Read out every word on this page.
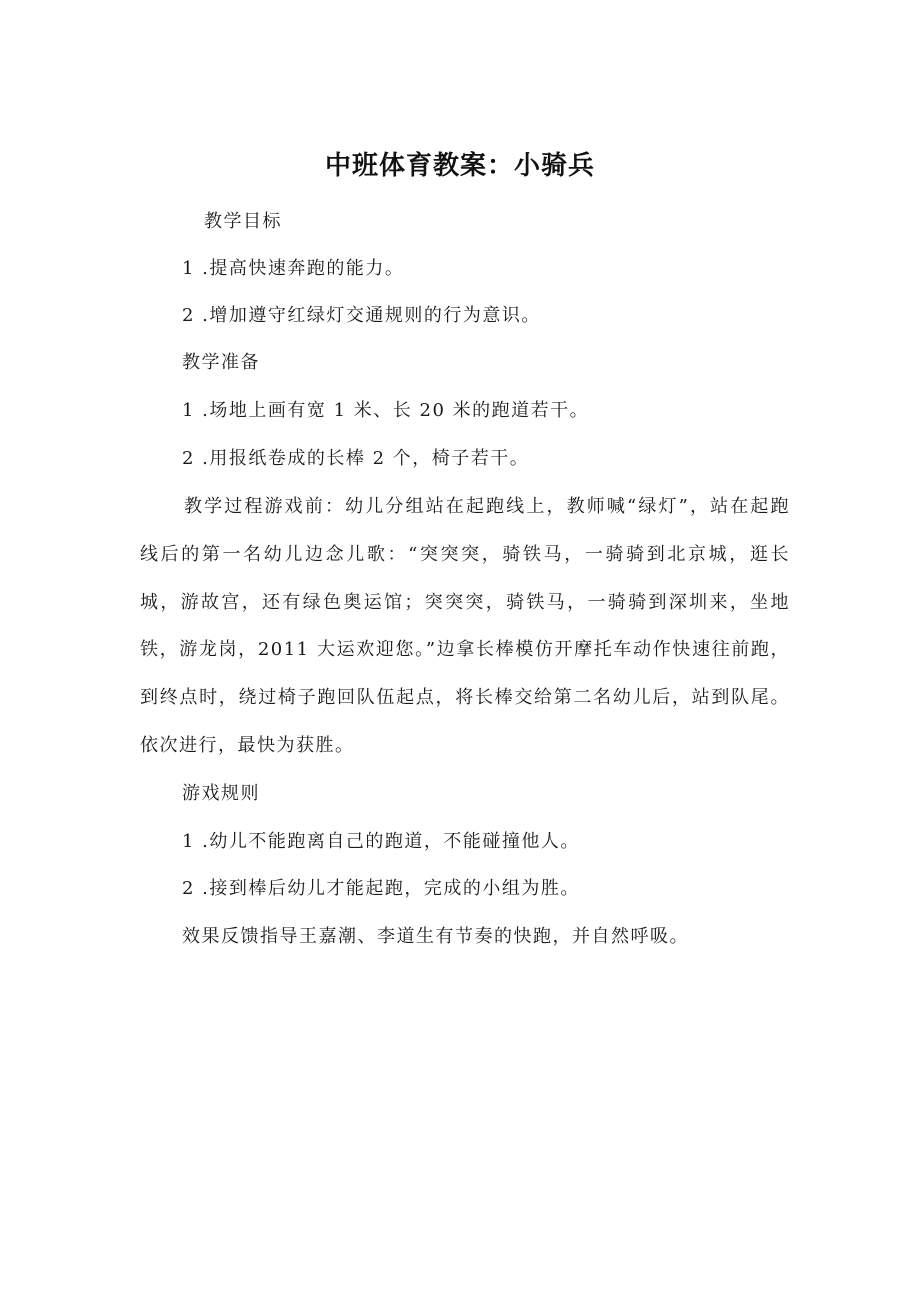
中班体育教案：小骑兵
教学目标
1 .提高快速奔跑的能力。
2 .增加遵守红绿灯交通规则的行为意识。
教学准备
1 .场地上画有宽 1 米、长 20 米的跑道若干。
2 .用报纸卷成的长棒 2 个，椅子若干。
教学过程游戏前：幼儿分组站在起跑线上，教师喊“绿灯”，站在起跑线后的第一名幼儿边念儿歌：“突突突，骑铁马，一骑骑到北京城，逛长城，游故宫，还有绿色奥运馆；突突突，骑铁马，一骑骑到深圳来，坐地铁，游龙岗，2011 大运欢迎您。”边拿长棒模仿开摩托车动作快速往前跑，到终点时，绕过椅子跑回队伍起点，将长棒交给第二名幼儿后，站到队尾。依次进行，最快为获胜。
游戏规则
1 .幼儿不能跑离自己的跑道，不能碰撞他人。
2 .接到棒后幼儿才能起跑，完成的小组为胜。
效果反馈指导王嘉潮、李道生有节奏的快跑，并自然呼吸。
